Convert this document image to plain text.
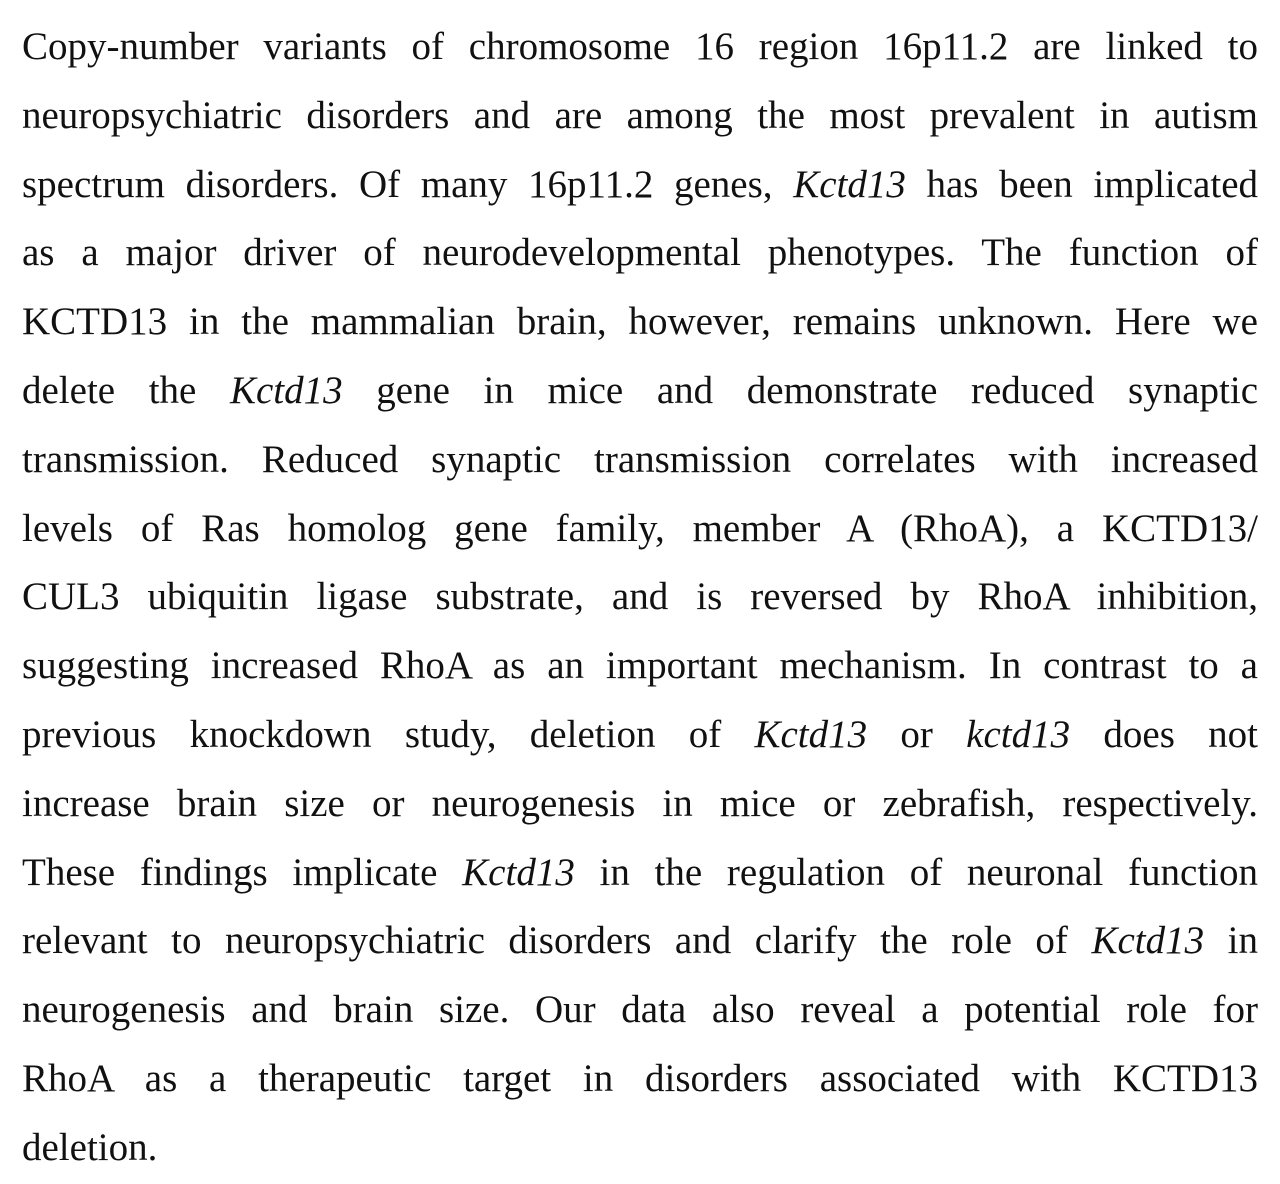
Copy-number variants of chromosome 16 region 16p11.2 are linked to
neuropsychiatric disorders and are among the most prevalent in autism
spectrum disorders. Of many 16p11.2 genes, Kctd13 has been implicated
as a major driver of neurodevelopmental phenotypes. The function of
KCTD13 in the mammalian brain, however, remains unknown. Here we
delete the Kctd13 gene in mice and demonstrate reduced synaptic
transmission. Reduced synaptic transmission correlates with increased
levels of Ras homolog gene family, member A (RhoA), a KCTD13/
CUL3 ubiquitin ligase substrate, and is reversed by RhoA inhibition,
suggesting increased RhoA as an important mechanism. In contrast to a
previous knockdown study, deletion of Kctd13 or kctd13 does not
increase brain size or neurogenesis in mice or zebrafish, respectively.
These findings implicate Kctd13 in the regulation of neuronal function
relevant to neuropsychiatric disorders and clarify the role of Kctd13 in
neurogenesis and brain size. Our data also reveal a potential role for
RhoA as a therapeutic target in disorders associated with KCTD13
deletion.
